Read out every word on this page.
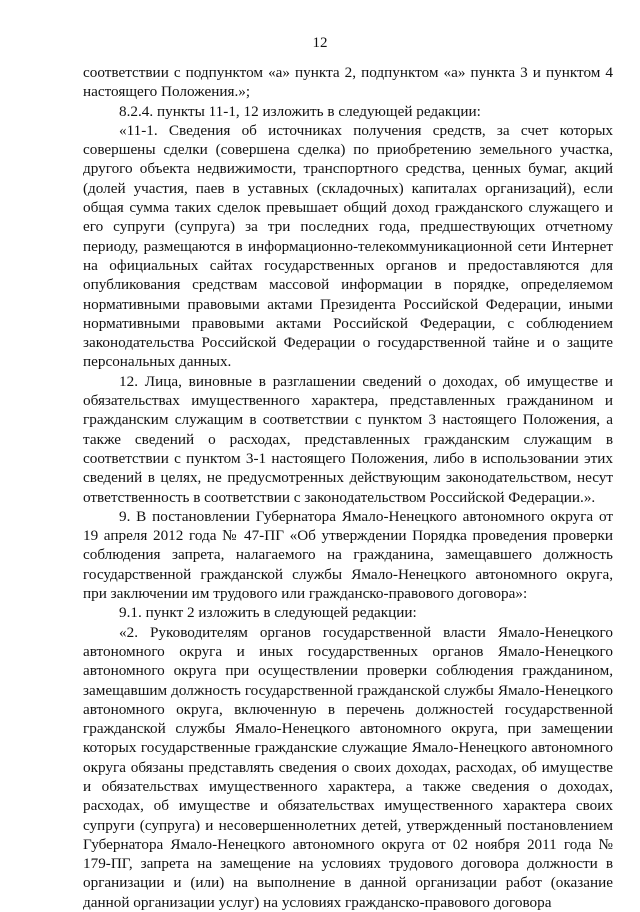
12

соответствии с подпунктом «а» пункта 2, подпунктом «а» пункта 3 и пунктом 4 настоящего Положения.»;

8.2.4. пункты 11-1, 12 изложить в следующей редакции:

«11-1. Сведения об источниках получения средств, за счет которых совершены сделки (совершена сделка) по приобретению земельного участка, другого объекта недвижимости, транспортного средства, ценных бумаг, акций (долей участия, паев в уставных (складочных) капиталах организаций), если общая сумма таких сделок превышает общий доход гражданского служащего и его супруги (супруга) за три последних года, предшествующих отчетному периоду, размещаются в информационно-телекоммуникационной сети Интернет на официальных сайтах государственных органов и предоставляются для опубликования средствам массовой информации в порядке, определяемом нормативными правовыми актами Президента Российской Федерации, иными нормативными правовыми актами Российской Федерации, с соблюдением законодательства Российской Федерации о государственной тайне и о защите персональных данных.

12. Лица, виновные в разглашении сведений о доходах, об имуществе и обязательствах имущественного характера, представленных гражданином и гражданским служащим в соответствии с пунктом 3 настоящего Положения, а также сведений о расходах, представленных гражданским служащим в соответствии с пунктом 3-1 настоящего Положения, либо в использовании этих сведений в целях, не предусмотренных действующим законодательством, несут ответственность в соответствии с законодательством Российской Федерации.».

9. В постановлении Губернатора Ямало-Ненецкого автономного округа от 19 апреля 2012 года № 47-ПГ «Об утверждении Порядка проведения проверки соблюдения запрета, налагаемого на гражданина, замещавшего должность государственной гражданской службы Ямало-Ненецкого автономного округа, при заключении им трудового или гражданско-правового договора»:

9.1. пункт 2 изложить в следующей редакции:

«2. Руководителям органов государственной власти Ямало-Ненецкого автономного округа и иных государственных органов Ямало-Ненецкого автономного округа при осуществлении проверки соблюдения гражданином, замещавшим должность государственной гражданской службы Ямало-Ненецкого автономного округа, включенную в перечень должностей государственной гражданской службы Ямало-Ненецкого автономного округа, при замещении которых государственные гражданские служащие Ямало-Ненецкого автономного округа обязаны представлять сведения о своих доходах, расходах, об имуществе и обязательствах имущественного характера, а также сведения о доходах, расходах, об имуществе и обязательствах имущественного характера своих супруги (супруга) и несовершеннолетних детей, утвержденный постановлением Губернатора Ямало-Ненецкого автономного округа от 02 ноября 2011 года № 179-ПГ, запрета на замещение на условиях трудового договора должности в организации и (или) на выполнение в данной организации работ (оказание данной организации услуг) на условиях гражданско-правового договора
